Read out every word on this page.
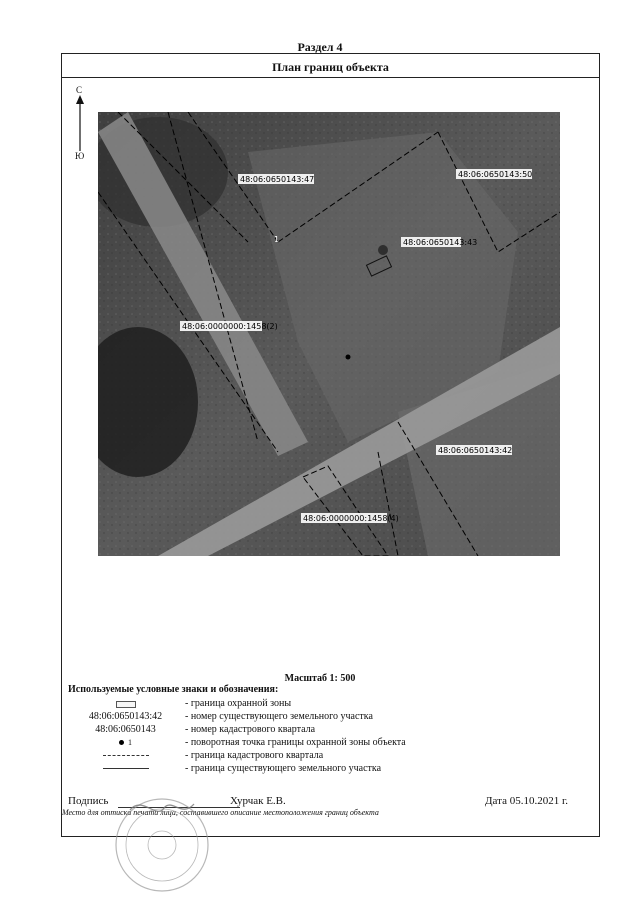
Раздел 4
План границ объекта
С
Ю
1
48:06:0650143:47
48:06:0650143:50
48:06:0650143:43
48:06:0000000:1458(2)
48:06:0650143:42
48:06:0000000:1458(4)
Масштаб 1: 500
Используемые условные знаки и обозначения:
- граница охранной зоны
48:06:0650143:42	- номер существующего земельного участка
48:06:0650143	- номер кадастрового квартала
1	- поворотная точка границы охранной зоны объекта
- граница кадастрового квартала
- граница существующего земельного участка
Подпись	Хурчак Е.В.	Дата 05.10.2021 г.
Место для оттиска печати лица, составившего описание местоположения границ объекта
